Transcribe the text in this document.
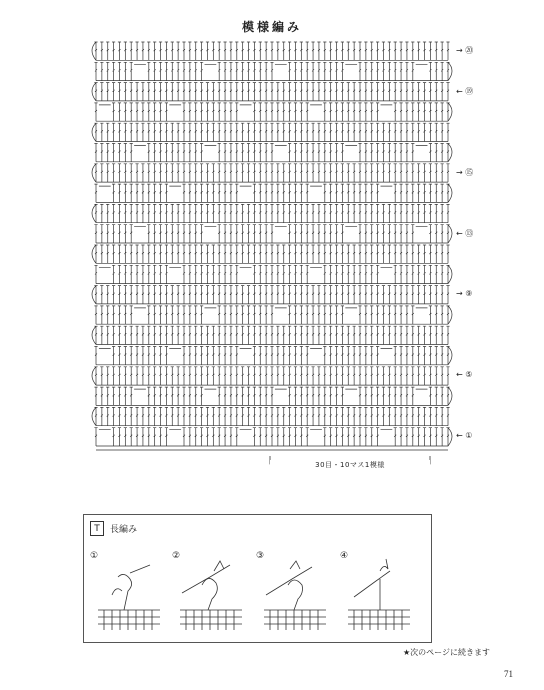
模様編み
→ ⑳
← ⑲
→ ⑮
← ⑬
→ ⑨
← ⑤
← ①
30目・10マス1模様
T	長編み
①	②	③	④
★次のページに続きます
71
